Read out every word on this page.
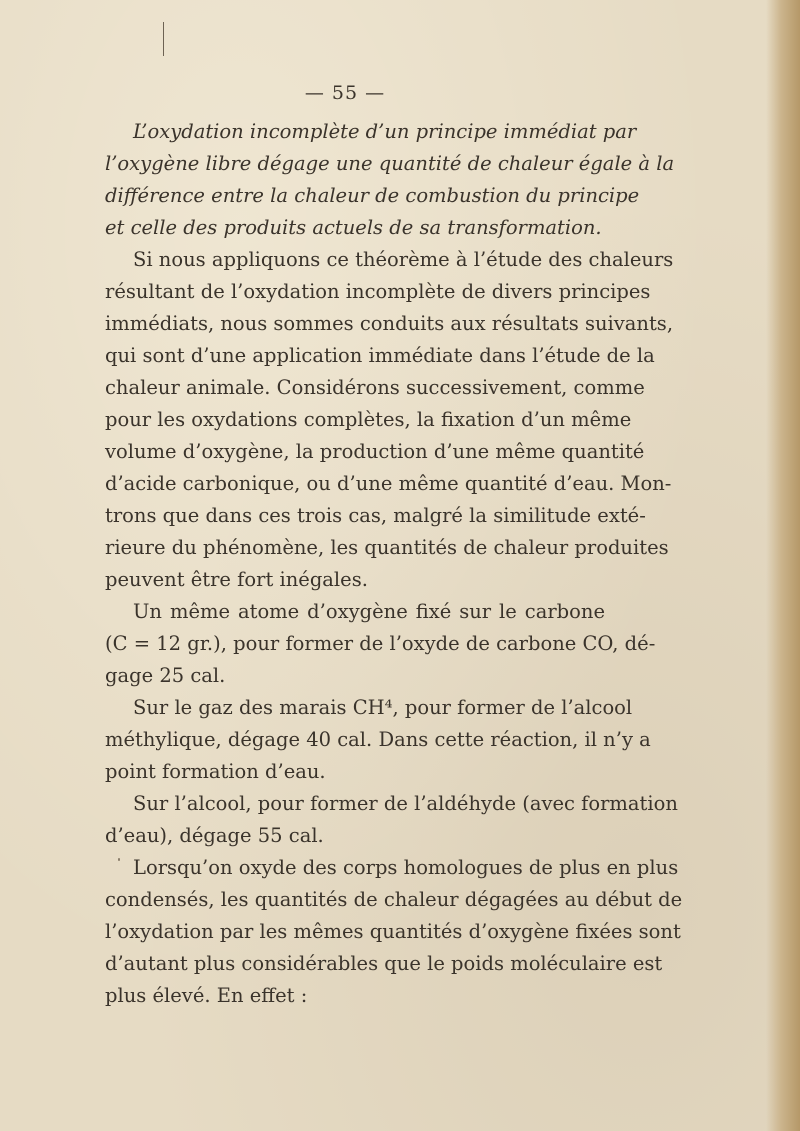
— 55 —
L’oxydation incomplète d’un principe immédiat par
l’oxygène libre dégage une quantité de chaleur égale à la
différence entre la chaleur de combustion du principe
et celle des produits actuels de sa transformation.
Si nous appliquons ce théorème à l’étude des chaleurs
résultant de l’oxydation incomplète de divers principes
immédiats, nous sommes conduits aux résultats suivants,
qui sont d’une application immédiate dans l’étude de la
chaleur animale. Considérons successivement, comme
pour les oxydations complètes, la fixation d’un même
volume d’oxygène, la production d’une même quantité
d’acide carbonique, ou d’une même quantité d’eau. Mon-
trons que dans ces trois cas, malgré la similitude exté-
rieure du phénomène, les quantités de chaleur produites
peuvent être fort inégales.
Un même atome d’oxygène fixé sur le carbone
(C = 12 gr.), pour former de l’oxyde de carbone CO, dé-
gage 25 cal.
Sur le gaz des marais CH⁴, pour former de l’alcool
méthylique, dégage 40 cal. Dans cette réaction, il n’y a
point formation d’eau.
Sur l’alcool, pour former de l’aldéhyde (avec formation
d’eau), dégage 55 cal.
Lorsqu’on oxyde des corps homologues de plus en plus
condensés, les quantités de chaleur dégagées au début de
l’oxydation par les mêmes quantités d’oxygène fixées sont
d’autant plus considérables que le poids moléculaire est
plus élevé. En effet :
